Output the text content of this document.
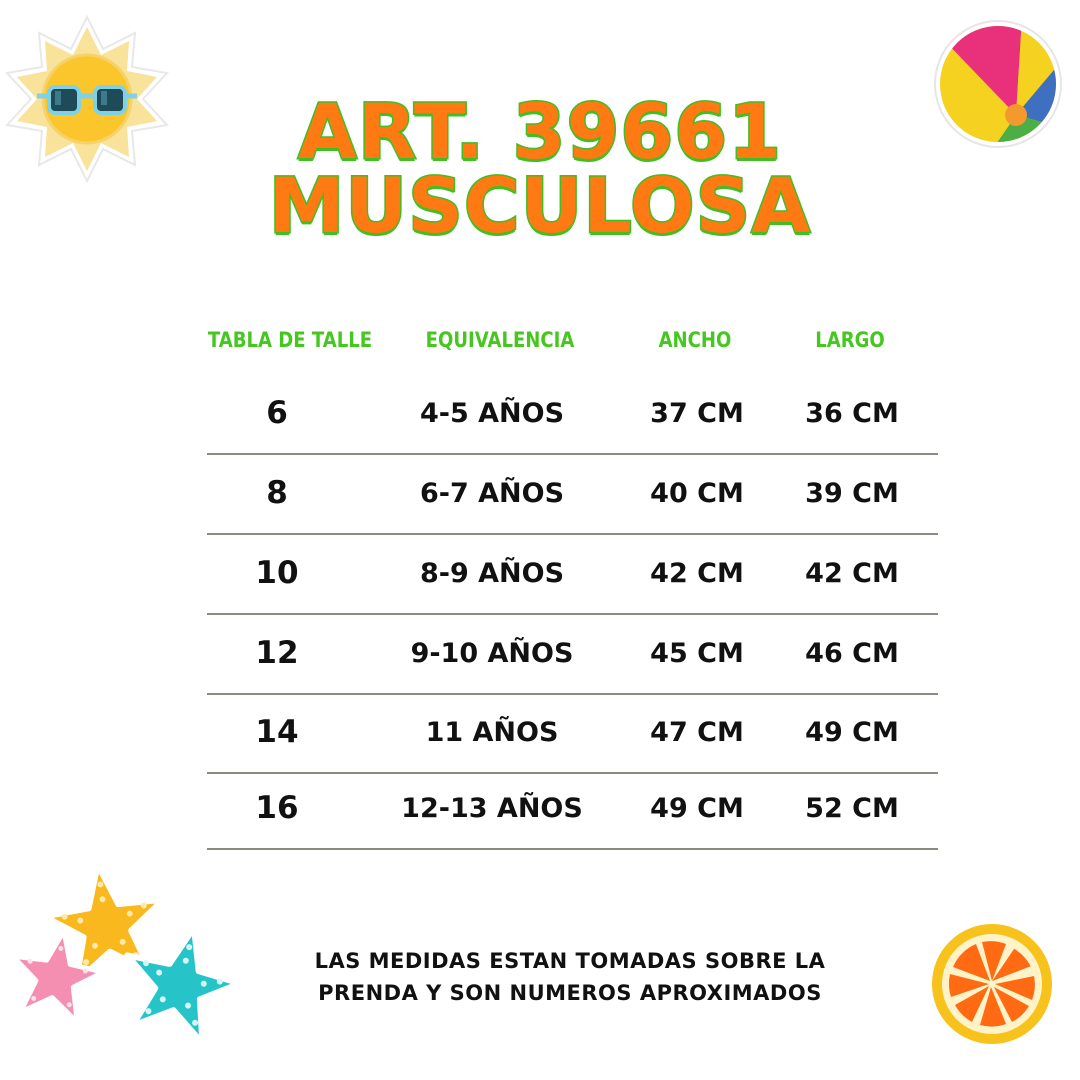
ART. 39661
MUSCULOSA
TABLA DE TALLE	EQUIVALENCIA	ANCHO	LARGO
6	4-5 AÑOS	37 CM	36 CM
8	6-7 AÑOS	40 CM	39 CM
10	8-9 AÑOS	42 CM	42 CM
12	9-10 AÑOS	45 CM	46 CM
14	11 AÑOS	47 CM	49 CM
16	12-13 AÑOS	49 CM	52 CM
LAS MEDIDAS ESTAN TOMADAS SOBRE LA
PRENDA Y SON NUMEROS APROXIMADOS
